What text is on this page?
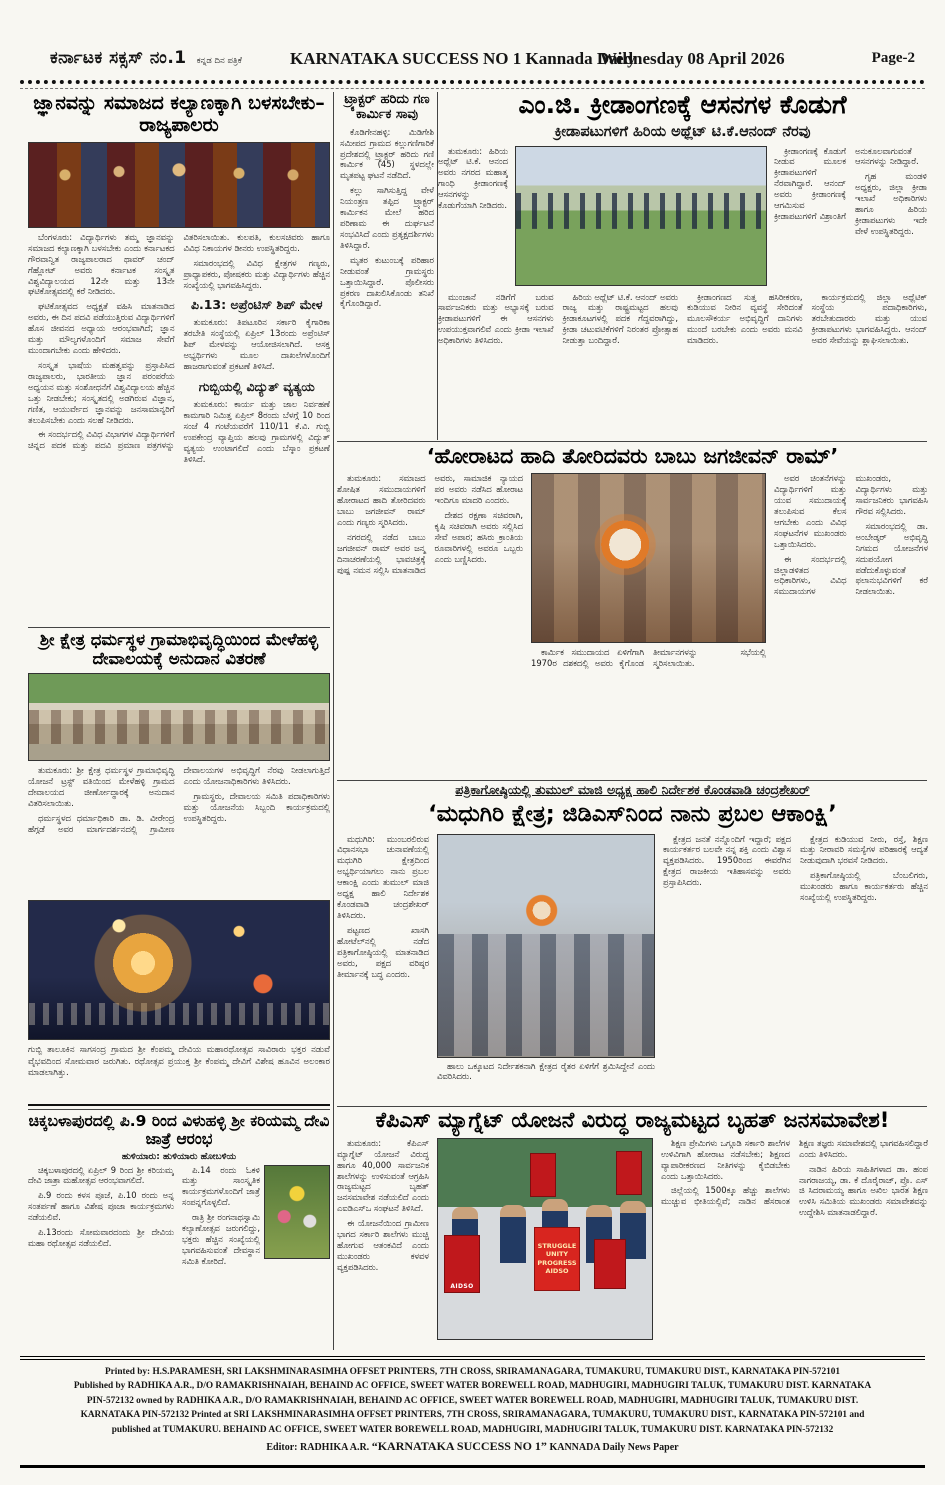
ಕರ್ನಾಟಕ ಸಕ್ಸಸ್ ನಂ.1 ಕನ್ನಡ ದಿನ ಪತ್ರಿಕೆ	KARNATAKA SUCCESS NO 1 Kannada Daily
Wednesday 08 April 2026	Page-2
ಜ್ಞಾನವನ್ನು ಸಮಾಜದ ಕಲ್ಯಾಣಕ್ಕಾಗಿ ಬಳಸಬೇಕು– ರಾಜ್ಯಪಾಲರು

ಬೆಂಗಳೂರು: ವಿದ್ಯಾರ್ಥಿಗಳು ತಮ್ಮ ಜ್ಞಾನವನ್ನು ಸಮಾಜದ ಕಲ್ಯಾಣಕ್ಕಾಗಿ ಬಳಸಬೇಕು ಎಂದು ಕರ್ನಾಟಕದ ಗೌರವಾನ್ವಿತ ರಾಜ್ಯಪಾಲರಾದ ಥಾವರ್ ಚಂದ್ ಗೆಹ್ಲೋಟ್ ಅವರು ಕರ್ನಾಟಕ ಸಂಸ್ಕೃತ ವಿಶ್ವವಿದ್ಯಾಲಯದ 12ನೇ ಮತ್ತು 13ನೇ ಘಟಿಕೋತ್ಸವದಲ್ಲಿ ಕರೆ ನೀಡಿದರು.

ಘಟಿಕೋತ್ಸವದ ಅಧ್ಯಕ್ಷತೆ ವಹಿಸಿ ಮಾತನಾಡಿದ ಅವರು, ಈ ದಿನ ಪದವಿ ಪಡೆಯುತ್ತಿರುವ ವಿದ್ಯಾರ್ಥಿಗಳಿಗೆ ಹೊಸ ಜೀವನದ ಅಧ್ಯಾಯ ಆರಂಭವಾಗಿದೆ; ಜ್ಞಾನ ಮತ್ತು ಮೌಲ್ಯಗಳೊಂದಿಗೆ ಸಮಾಜ ಸೇವೆಗೆ ಮುಂದಾಗಬೇಕು ಎಂದು ಹೇಳಿದರು.

ಸಂಸ್ಕೃತ ಭಾಷೆಯ ಮಹತ್ವವನ್ನು ಪ್ರಸ್ತಾಪಿಸಿದ ರಾಜ್ಯಪಾಲರು, ಭಾರತೀಯ ಜ್ಞಾನ ಪರಂಪರೆಯ ಅಧ್ಯಯನ ಮತ್ತು ಸಂಶೋಧನೆಗೆ ವಿಶ್ವವಿದ್ಯಾಲಯ ಹೆಚ್ಚಿನ ಒತ್ತು ನೀಡಬೇಕು; ಸಂಸ್ಕೃತದಲ್ಲಿ ಅಡಗಿರುವ ವಿಜ್ಞಾನ, ಗಣಿತ, ಆಯುರ್ವೇದ ಜ್ಞಾನವನ್ನು ಜನಸಾಮಾನ್ಯರಿಗೆ ತಲುಪಿಸಬೇಕು ಎಂದು ಸಲಹೆ ನೀಡಿದರು.

ಈ ಸಂದರ್ಭದಲ್ಲಿ ವಿವಿಧ ವಿಭಾಗಗಳ ವಿದ್ಯಾರ್ಥಿಗಳಿಗೆ ಚಿನ್ನದ ಪದಕ ಮತ್ತು ಪದವಿ ಪ್ರಮಾಣ ಪತ್ರಗಳನ್ನು ವಿತರಿಸಲಾಯಿತು. ಕುಲಪತಿ, ಕುಲಸಚಿವರು ಹಾಗೂ ವಿವಿಧ ನಿಕಾಯಗಳ ಡೀನರು ಉಪಸ್ಥಿತರಿದ್ದರು.

ಸಮಾರಂಭದಲ್ಲಿ ವಿವಿಧ ಕ್ಷೇತ್ರಗಳ ಗಣ್ಯರು, ಪ್ರಾಧ್ಯಾಪಕರು, ಪೋಷಕರು ಮತ್ತು ವಿದ್ಯಾರ್ಥಿಗಳು ಹೆಚ್ಚಿನ ಸಂಖ್ಯೆಯಲ್ಲಿ ಭಾಗವಹಿಸಿದ್ದರು.

ಪಿ.13: ಅಪ್ರೆಂಟಿಸ್ ಶಿಪ್ ಮೇಳ

ತುಮಕೂರು: ತಿಪಟೂರಿನ ಸರ್ಕಾರಿ ಕೈಗಾರಿಕಾ ತರಬೇತಿ ಸಂಸ್ಥೆಯಲ್ಲಿ ಏಪ್ರಿಲ್ 13ರಂದು ಅಪ್ರೆಂಟಿಸ್ ಶಿಪ್ ಮೇಳವನ್ನು ಆಯೋಜಿಸಲಾಗಿದೆ. ಆಸಕ್ತ ಅಭ್ಯರ್ಥಿಗಳು ಮೂಲ ದಾಖಲೆಗಳೊಂದಿಗೆ ಹಾಜರಾಗುವಂತೆ ಪ್ರಕಟಣೆ ತಿಳಿಸಿದೆ.

ಗುಬ್ಬಿಯಲ್ಲಿ ವಿದ್ಯುತ್ ವ್ಯತ್ಯಯ

ತುಮಕೂರು: ಕಾರ್ಯ ಮತ್ತು ಜಾಲ ನಿರ್ವಹಣೆ ಕಾಮಗಾರಿ ನಿಮಿತ್ತ ಏಪ್ರಿಲ್ 8ರಂದು ಬೆಳಗ್ಗೆ 10 ರಿಂದ ಸಂಜೆ 4 ಗಂಟೆಯವರೆಗೆ 110/11 ಕೆ.ವಿ. ಗುಬ್ಬಿ ಉಪಕೇಂದ್ರ ವ್ಯಾಪ್ತಿಯ ಹಲವು ಗ್ರಾಮಗಳಲ್ಲಿ ವಿದ್ಯುತ್ ವ್ಯತ್ಯಯ ಉಂಟಾಗಲಿದೆ ಎಂದು ಬೆಸ್ಕಾಂ ಪ್ರಕಟಣೆ ತಿಳಿಸಿದೆ.

ಟ್ರ್ಯಾಕ್ಟರ್ ಹರಿದು ಗಣ ಕಾರ್ಮಿಕ ಸಾವು

ಕೊಡಿಗೇನಹಳ್ಳಿ: ಮಿಡಿಗೇಶಿ ಸಮೀಪದ ಗ್ರಾಮದ ಕಲ್ಲುಗಣಿಗಾರಿಕೆ ಪ್ರದೇಶದಲ್ಲಿ ಟ್ರ್ಯಾಕ್ಟರ್ ಹರಿದು ಗಣಿ ಕಾರ್ಮಿಕ (45) ಸ್ಥಳದಲ್ಲೇ ಮೃತಪಟ್ಟ ಘಟನೆ ನಡೆದಿದೆ.

ಕಲ್ಲು ಸಾಗಿಸುತ್ತಿದ್ದ ವೇಳೆ ನಿಯಂತ್ರಣ ತಪ್ಪಿದ ಟ್ರ್ಯಾಕ್ಟರ್ ಕಾರ್ಮಿಕನ ಮೇಲೆ ಹರಿದ ಪರಿಣಾಮ ಈ ದುರ್ಘಟನೆ ಸಂಭವಿಸಿದೆ ಎಂದು ಪ್ರತ್ಯಕ್ಷದರ್ಶಿಗಳು ತಿಳಿಸಿದ್ದಾರೆ.

ಮೃತರ ಕುಟುಂಬಕ್ಕೆ ಪರಿಹಾರ ನೀಡುವಂತೆ ಗ್ರಾಮಸ್ಥರು ಒತ್ತಾಯಿಸಿದ್ದಾರೆ. ಪೊಲೀಸರು ಪ್ರಕರಣ ದಾಖಲಿಸಿಕೊಂಡು ತನಿಖೆ ಕೈಗೊಂಡಿದ್ದಾರೆ.

ಎಂ.ಜಿ. ಕ್ರೀಡಾಂಗಣಕ್ಕೆ ಆಸನಗಳ ಕೊಡುಗೆ
ಕ್ರೀಡಾಪಟುಗಳಿಗೆ ಹಿರಿಯ ಅಥ್ಲೆಟ್ ಟಿ.ಕೆ.ಆನಂದ್ ನೆರವು

ತುಮಕೂರು: ಹಿರಿಯ ಅಥ್ಲೆಟ್ ಟಿ.ಕೆ. ಆನಂದ ಅವರು ನಗರದ ಮಹಾತ್ಮ ಗಾಂಧಿ ಕ್ರೀಡಾಂಗಣಕ್ಕೆ ಆಸನಗಳನ್ನು ಕೊಡುಗೆಯಾಗಿ ನೀಡಿದರು.

ಕ್ರೀಡಾಂಗಣಕ್ಕೆ ಕೊಡುಗೆ ನೀಡುವ ಮೂಲಕ ಕ್ರೀಡಾಪಟುಗಳಿಗೆ ನೆರವಾಗಿದ್ದಾರೆ. ಆನಂದ್ ಅವರು ಕ್ರೀಡಾಂಗಣಕ್ಕೆ ಆಗಮಿಸುವ ಕ್ರೀಡಾಪಟುಗಳಿಗೆ ವಿಶ್ರಾಂತಿಗೆ ಅನುಕೂಲವಾಗುವಂತೆ ಆಸನಗಳನ್ನು ನೀಡಿದ್ದಾರೆ.

ಗೃಹ ಮಂಡಳಿ ಅಧ್ಯಕ್ಷರು, ಜಿಲ್ಲಾ ಕ್ರೀಡಾ ಇಲಾಖೆ ಅಧಿಕಾರಿಗಳು ಹಾಗೂ ಹಿರಿಯ ಕ್ರೀಡಾಪಟುಗಳು ಇದೇ ವೇಳೆ ಉಪಸ್ಥಿತರಿದ್ದರು.

ಮುಂಜಾನೆ ನಡಿಗೆಗೆ ಬರುವ ಸಾರ್ವಜನಿಕರು ಮತ್ತು ಅಭ್ಯಾಸಕ್ಕೆ ಬರುವ ಕ್ರೀಡಾಪಟುಗಳಿಗೆ ಈ ಆಸನಗಳು ಉಪಯುಕ್ತವಾಗಲಿವೆ ಎಂದು ಕ್ರೀಡಾ ಇಲಾಖೆ ಅಧಿಕಾರಿಗಳು ತಿಳಿಸಿದರು.

ಹಿರಿಯ ಅಥ್ಲೆಟ್ ಟಿ.ಕೆ. ಆನಂದ್ ಅವರು ರಾಜ್ಯ ಮತ್ತು ರಾಷ್ಟ್ರಮಟ್ಟದ ಹಲವು ಕ್ರೀಡಾಕೂಟಗಳಲ್ಲಿ ಪದಕ ಗೆದ್ದವರಾಗಿದ್ದು, ಕ್ರೀಡಾ ಚಟುವಟಿಕೆಗಳಿಗೆ ನಿರಂತರ ಪ್ರೋತ್ಸಾಹ ನೀಡುತ್ತಾ ಬಂದಿದ್ದಾರೆ.

ಕ್ರೀಡಾಂಗಣದ ಸುತ್ತ ಹಸಿರೀಕರಣ, ಕುಡಿಯುವ ನೀರಿನ ವ್ಯವಸ್ಥೆ ಸೇರಿದಂತೆ ಮೂಲಸೌಕರ್ಯ ಅಭಿವೃದ್ಧಿಗೆ ದಾನಿಗಳು ಮುಂದೆ ಬರಬೇಕು ಎಂದು ಅವರು ಮನವಿ ಮಾಡಿದರು.

ಕಾರ್ಯಕ್ರಮದಲ್ಲಿ ಜಿಲ್ಲಾ ಅಥ್ಲೆಟಿಕ್ ಸಂಸ್ಥೆಯ ಪದಾಧಿಕಾರಿಗಳು, ತರಬೇತುದಾರರು ಮತ್ತು ಯುವ ಕ್ರೀಡಾಪಟುಗಳು ಭಾಗವಹಿಸಿದ್ದರು. ಆನಂದ್ ಅವರ ಸೇವೆಯನ್ನು ಶ್ಲಾಘಿಸಲಾಯಿತು.

‘ಹೋರಾಟದ ಹಾದಿ ತೋರಿದವರು ಬಾಬು ಜಗಜೀವನ್ ರಾಮ್’

ತುಮಕೂರು: ಸಮಾಜದ ಶೋಷಿತ ಸಮುದಾಯಗಳಿಗೆ ಹೋರಾಟದ ಹಾದಿ ತೋರಿದವರು ಬಾಬು ಜಗಜೀವನ್ ರಾಮ್ ಎಂದು ಗಣ್ಯರು ಸ್ಮರಿಸಿದರು.

ನಗರದಲ್ಲಿ ನಡೆದ ಬಾಬು ಜಗಜೀವನ್ ರಾಮ್ ಅವರ ಜನ್ಮ ದಿನಾಚರಣೆಯಲ್ಲಿ ಭಾವಚಿತ್ರಕ್ಕೆ ಪುಷ್ಪ ನಮನ ಸಲ್ಲಿಸಿ ಮಾತನಾಡಿದ ಅವರು, ಸಾಮಾಜಿಕ ನ್ಯಾಯದ ಪರ ಅವರು ನಡೆಸಿದ ಹೋರಾಟ ಇಂದಿಗೂ ಮಾದರಿ ಎಂದರು.

ದೇಶದ ರಕ್ಷಣಾ ಸಚಿವರಾಗಿ, ಕೃಷಿ ಸಚಿವರಾಗಿ ಅವರು ಸಲ್ಲಿಸಿದ ಸೇವೆ ಅಪಾರ; ಹಸಿರು ಕ್ರಾಂತಿಯ ರೂವಾರಿಗಳಲ್ಲಿ ಅವರೂ ಒಬ್ಬರು ಎಂದು ಬಣ್ಣಿಸಿದರು.

ಕಾರ್ಮಿಕ ಸಮುದಾಯದ ಏಳಿಗೆಗಾಗಿ 1970ರ ದಶಕದಲ್ಲಿ ಅವರು ಕೈಗೊಂಡ ತೀರ್ಮಾನಗಳನ್ನು ಸಭೆಯಲ್ಲಿ ಸ್ಮರಿಸಲಾಯಿತು.

ಅವರ ಚಿಂತನೆಗಳನ್ನು ವಿದ್ಯಾರ್ಥಿಗಳಿಗೆ ಮತ್ತು ಯುವ ಸಮುದಾಯಕ್ಕೆ ತಲುಪಿಸುವ ಕೆಲಸ ಆಗಬೇಕು ಎಂದು ವಿವಿಧ ಸಂಘಟನೆಗಳ ಮುಖಂಡರು ಒತ್ತಾಯಿಸಿದರು.

ಈ ಸಂದರ್ಭದಲ್ಲಿ ಜಿಲ್ಲಾಡಳಿತದ ಅಧಿಕಾರಿಗಳು, ವಿವಿಧ ಸಮುದಾಯಗಳ ಮುಖಂಡರು, ವಿದ್ಯಾರ್ಥಿಗಳು ಮತ್ತು ಸಾರ್ವಜನಿಕರು ಭಾಗವಹಿಸಿ ಗೌರವ ಸಲ್ಲಿಸಿದರು.

ಸಮಾರಂಭದಲ್ಲಿ ಡಾ. ಅಂಬೇಡ್ಕರ್ ಅಭಿವೃದ್ಧಿ ನಿಗಮದ ಯೋಜನೆಗಳ ಸದುಪಯೋಗ ಪಡೆದುಕೊಳ್ಳುವಂತೆ ಫಲಾನುಭವಿಗಳಿಗೆ ಕರೆ ನೀಡಲಾಯಿತು.

ಶ್ರೀ ಕ್ಷೇತ್ರ ಧರ್ಮಸ್ಥಳ ಗ್ರಾಮಾಭಿವೃದ್ಧಿಯಿಂದ ಮೇಳೆಹಳ್ಳಿ ದೇವಾಲಯಕ್ಕೆ ಅನುದಾನ ವಿತರಣೆ

ತುಮಕೂರು: ಶ್ರೀ ಕ್ಷೇತ್ರ ಧರ್ಮಸ್ಥಳ ಗ್ರಾಮಾಭಿವೃದ್ಧಿ ಯೋಜನೆ ಟ್ರಸ್ಟ್ ವತಿಯಿಂದ ಮೇಳೆಹಳ್ಳಿ ಗ್ರಾಮದ ದೇವಾಲಯದ ಜೀರ್ಣೋದ್ಧಾರಕ್ಕೆ ಅನುದಾನ ವಿತರಿಸಲಾಯಿತು.

ಧರ್ಮಸ್ಥಳದ ಧರ್ಮಾಧಿಕಾರಿ ಡಾ. ಡಿ. ವೀರೇಂದ್ರ ಹೆಗ್ಗಡೆ ಅವರ ಮಾರ್ಗದರ್ಶನದಲ್ಲಿ ಗ್ರಾಮೀಣ ದೇವಾಲಯಗಳ ಅಭಿವೃದ್ಧಿಗೆ ನೆರವು ನೀಡಲಾಗುತ್ತಿದೆ ಎಂದು ಯೋಜನಾಧಿಕಾರಿಗಳು ತಿಳಿಸಿದರು.

ಗ್ರಾಮಸ್ಥರು, ದೇವಾಲಯ ಸಮಿತಿ ಪದಾಧಿಕಾರಿಗಳು ಮತ್ತು ಯೋಜನೆಯ ಸಿಬ್ಬಂದಿ ಕಾರ್ಯಕ್ರಮದಲ್ಲಿ ಉಪಸ್ಥಿತರಿದ್ದರು.

ಗುಬ್ಬಿ ತಾಲೂಕಿನ ಸಾಗಸಂದ್ರ ಗ್ರಾಮದ ಶ್ರೀ ಕೆಂಪಮ್ಮ ದೇವಿಯ ಮಹಾರಥೋತ್ಸವ ಸಾವಿರಾರು ಭಕ್ತರ ನಡುವೆ ವೈಭವದಿಂದ ಸೋಮವಾರ ಜರುಗಿತು. ರಥೋತ್ಸವ ಪ್ರಯುಕ್ತ ಶ್ರೀ ಕೆಂಪಮ್ಮ ದೇವಿಗೆ ವಿಶೇಷ ಹೂವಿನ ಅಲಂಕಾರ ಮಾಡಲಾಗಿತ್ತು.
ಪತ್ರಿಕಾಗೋಷ್ಠಿಯಲ್ಲಿ ತುಮುಲ್ ಮಾಜಿ ಅಧ್ಯಕ್ಷ ಹಾಲಿ ನಿರ್ದೇಶಕ ಕೊಂಡವಾಡಿ ಚಂದ್ರಶೇಖರ್
‘ಮಧುಗಿರಿ ಕ್ಷೇತ್ರ; ಜಿಡಿಎಸ್‌ನಿಂದ ನಾನು ಪ್ರಬಲ ಆಕಾಂಕ್ಷಿ’

ಮಧುಗಿರಿ: ಮುಂಬರಲಿರುವ ವಿಧಾನಸಭಾ ಚುನಾವಣೆಯಲ್ಲಿ ಮಧುಗಿರಿ ಕ್ಷೇತ್ರದಿಂದ ಅಭ್ಯರ್ಥಿಯಾಗಲು ನಾನು ಪ್ರಬಲ ಆಕಾಂಕ್ಷಿ ಎಂದು ತುಮುಲ್ ಮಾಜಿ ಅಧ್ಯಕ್ಷ ಹಾಲಿ ನಿರ್ದೇಶಕ ಕೊಂಡವಾಡಿ ಚಂದ್ರಶೇಖರ್ ತಿಳಿಸಿದರು.

ಪಟ್ಟಣದ ಖಾಸಗಿ ಹೋಟೆಲ್‌ನಲ್ಲಿ ನಡೆದ ಪತ್ರಿಕಾಗೋಷ್ಠಿಯಲ್ಲಿ ಮಾತನಾಡಿದ ಅವರು, ಪಕ್ಷದ ವರಿಷ್ಠರ ತೀರ್ಮಾನಕ್ಕೆ ಬದ್ಧ ಎಂದರು.

ಹಾಲು ಒಕ್ಕೂಟದ ನಿರ್ದೇಶಕನಾಗಿ ಕ್ಷೇತ್ರದ ರೈತರ ಏಳಿಗೆಗೆ ಶ್ರಮಿಸಿದ್ದೇನೆ ಎಂದು ವಿವರಿಸಿದರು.

ಕ್ಷೇತ್ರದ ಜನತೆ ನನ್ನೊಂದಿಗೆ ಇದ್ದಾರೆ; ಪಕ್ಷದ ಕಾರ್ಯಕರ್ತರ ಬಲವೇ ನನ್ನ ಶಕ್ತಿ ಎಂದು ವಿಶ್ವಾಸ ವ್ಯಕ್ತಪಡಿಸಿದರು. 1950ರಿಂದ ಈವರೆಗಿನ ಕ್ಷೇತ್ರದ ರಾಜಕೀಯ ಇತಿಹಾಸವನ್ನು ಅವರು ಪ್ರಸ್ತಾಪಿಸಿದರು.

ಕ್ಷೇತ್ರದ ಕುಡಿಯುವ ನೀರು, ರಸ್ತೆ, ಶಿಕ್ಷಣ ಮತ್ತು ನೀರಾವರಿ ಸಮಸ್ಯೆಗಳ ಪರಿಹಾರಕ್ಕೆ ಆದ್ಯತೆ ನೀಡುವುದಾಗಿ ಭರವಸೆ ನೀಡಿದರು.

ಪತ್ರಿಕಾಗೋಷ್ಠಿಯಲ್ಲಿ ಬೆಂಬಲಿಗರು, ಮುಖಂಡರು ಹಾಗೂ ಕಾರ್ಯಕರ್ತರು ಹೆಚ್ಚಿನ ಸಂಖ್ಯೆಯಲ್ಲಿ ಉಪಸ್ಥಿತರಿದ್ದರು.

ಚಿಕ್ಕಬಳಾಪುರದಲ್ಲಿ ಪಿ.9 ರಿಂದ ವಿಳುಹಳ್ಳಿ ಶ್ರೀ ಕರಿಯಮ್ಮ ದೇವಿ ಜಾತ್ರೆ ಆರಂಭ
ಹುಳಿಯಾರು: ಹುಳಿಯಾರು ಹೋಬಳಿಯ

ಚಿಕ್ಕಬಳಾಪುರದಲ್ಲಿ ಏಪ್ರಿಲ್ 9 ರಿಂದ ಶ್ರೀ ಕರಿಯಮ್ಮ ದೇವಿ ಜಾತ್ರಾ ಮಹೋತ್ಸವ ಆರಂಭವಾಗಲಿದೆ.

ಪಿ.9 ರಂದು ಕಳಸ ಪೂಜೆ, ಪಿ.10 ರಂದು ಅನ್ನ ಸಂತರ್ಪಣೆ ಹಾಗೂ ವಿಶೇಷ ಪೂಜಾ ಕಾರ್ಯಕ್ರಮಗಳು ನಡೆಯಲಿವೆ.

ಪಿ.13ರಂದು ಸೋಮವಾರದಂದು ಶ್ರೀ ದೇವಿಯ ಮಹಾ ರಥೋತ್ಸವ ನಡೆಯಲಿದೆ.

ಪಿ.14 ರಂದು ಓಕಳಿ ಮತ್ತು ಸಾಂಸ್ಕೃತಿಕ ಕಾರ್ಯಕ್ರಮಗಳೊಂದಿಗೆ ಜಾತ್ರೆ ಸಂಪನ್ನಗೊಳ್ಳಲಿದೆ.

ರಾತ್ರಿ ಶ್ರೀ ರಂಗನಾಥಸ್ವಾಮಿ ಕಲ್ಯಾಣೋತ್ಸವ ಜರುಗಲಿದ್ದು, ಭಕ್ತರು ಹೆಚ್ಚಿನ ಸಂಖ್ಯೆಯಲ್ಲಿ ಭಾಗವಹಿಸುವಂತೆ ದೇವಸ್ಥಾನ ಸಮಿತಿ ಕೋರಿದೆ.

ಕೆಪಿಎಸ್ ಮ್ಯಾಗ್ನೆಟ್ ಯೋಜನೆ ವಿರುದ್ಧ ರಾಜ್ಯಮಟ್ಟದ ಬೃಹತ್ ಜನಸಮಾವೇಶ!

ತುಮಕೂರು: ಕೆಪಿಎಸ್ ಮ್ಯಾಗ್ನೆಟ್ ಯೋಜನೆ ವಿರುದ್ಧ ಹಾಗೂ 40,000 ಸಾರ್ವಜನಿಕ ಶಾಲೆಗಳನ್ನು ಉಳಿಸುವಂತೆ ಆಗ್ರಹಿಸಿ ರಾಜ್ಯಮಟ್ಟದ ಬೃಹತ್ ಜನಸಮಾವೇಶ ನಡೆಯಲಿದೆ ಎಂದು ಎಐಡಿಎಸ್ಒ ಸಂಘಟನೆ ತಿಳಿಸಿದೆ.

ಈ ಯೋಜನೆಯಿಂದ ಗ್ರಾಮೀಣ ಭಾಗದ ಸರ್ಕಾರಿ ಶಾಲೆಗಳು ಮುಚ್ಚಿ ಹೋಗುವ ಆತಂಕವಿದೆ ಎಂದು ಮುಖಂಡರು ಕಳವಳ ವ್ಯಕ್ತಪಡಿಸಿದರು.

AIDSO
STRUGGLE UNITY PROGRESS AIDSO

ಶಿಕ್ಷಣ ಪ್ರೇಮಿಗಳು ಒಗ್ಗೂಡಿ ಸರ್ಕಾರಿ ಶಾಲೆಗಳ ಉಳಿವಿಗಾಗಿ ಹೋರಾಟ ನಡೆಸಬೇಕು; ಶಿಕ್ಷಣದ ವ್ಯಾಪಾರೀಕರಣದ ನೀತಿಗಳನ್ನು ಕೈಬಿಡಬೇಕು ಎಂದು ಒತ್ತಾಯಿಸಿದರು.

ಜಿಲ್ಲೆಯಲ್ಲಿ 1500ಕ್ಕೂ ಹೆಚ್ಚು ಶಾಲೆಗಳು ಮುಚ್ಚುವ ಭೀತಿಯಲ್ಲಿವೆ; ನಾಡಿನ ಹೆಸರಾಂತ ಶಿಕ್ಷಣ ತಜ್ಞರು ಸಮಾವೇಶದಲ್ಲಿ ಭಾಗವಹಿಸಲಿದ್ದಾರೆ ಎಂದು ತಿಳಿಸಿದರು.

ನಾಡಿನ ಹಿರಿಯ ಸಾಹಿತಿಗಳಾದ ಡಾ. ಹಂಪ ನಾಗರಾಜಯ್ಯ, ಡಾ. ಕೆ ದೊರೈರಾಜ್, ಪ್ರೊ. ಎಸ್ ಜಿ ಸಿದರಾಮಯ್ಯ ಹಾಗೂ ಅಖಿಲ ಭಾರತ ಶಿಕ್ಷಣ ಉಳಿಸಿ ಸಮಿತಿಯ ಮುಖಂಡರು ಸಮಾವೇಶವನ್ನು ಉದ್ದೇಶಿಸಿ ಮಾತನಾಡಲಿದ್ದಾರೆ.

Printed by: H.S.PARAMESH, SRI LAKSHMINARASIMHA OFFSET PRINTERS, 7TH CROSS, SRIRAMANAGARA, TUMAKURU, TUMAKURU DIST., KARNATAKA PIN-572101
Published by RADHIKA A.R., D/O RAMAKRISHNAIAH, BEHAIND AC OFFICE, SWEET WATER BOREWELL ROAD, MADHUGIRI, MADHUGIRI TALUK, TUMAKURU DIST. KARNATAKA
PIN-572132 owned by RADHIKA A.R., D/O RAMAKRISHNAIAH, BEHAIND AC OFFICE, SWEET WATER BOREWELL ROAD, MADHUGIRI, MADHUGIRI TALUK, TUMAKURU DIST.
KARNATAKA PIN-572132 Printed at SRI LAKSHMINARASIMHA OFFSET PRINTERS, 7TH CROSS, SRIRAMANAGARA, TUMAKURU, TUMAKURU DIST., KARNATAKA PIN-572101 and
published at TUMAKURU. BEHAIND AC OFFICE, SWEET WATER BOREWELL ROAD, MADHUGIRI, MADHUGIRI TALUK, TUMAKURU DIST. KARNATAKA PIN-572132
Editor: RADHIKA A.R. “KARNATAKA SUCCESS NO 1” KANNADA Daily News Paper
